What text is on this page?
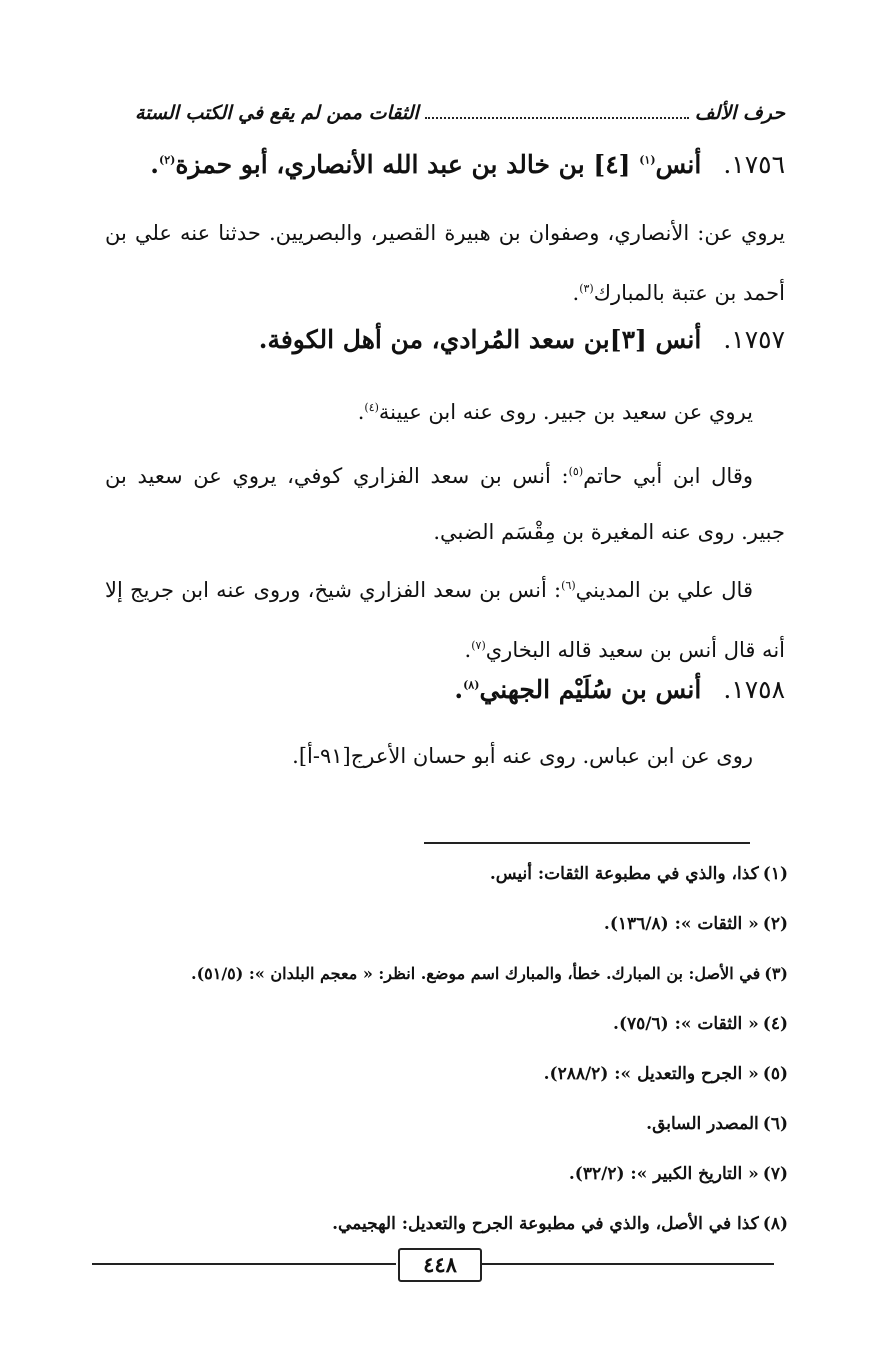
حرف الألف
الثقات ممن لم يقع في الكتب الستة
١٧٥٦.أنس$^{(١)}$ [٤] بن خالد بن عبد الله الأنصاري، أبو حمزة$^{(٢)}$.

يروي عن: الأنصاري، وصفوان بن هبيرة القصير، والبصريين. حدثنا عنه علي بن أحمد بن عتبة بالمبارك$^{(٣)}$.

١٧٥٧.أنس [٣]بن سعد المُرادي، من أهل الكوفة.

يروي عن سعيد بن جبير. روى عنه ابن عيينة$^{(٤)}$.

وقال ابن أبي حاتم$^{(٥)}$: أنس بن سعد الفزاري كوفي، يروي عن سعيد بن جبير. روى عنه المغيرة بن مِقْسَم الضبي.

قال علي بن المديني$^{(٦)}$: أنس بن سعد الفزاري شيخ، وروى عنه ابن جريج إلا أنه قال أنس بن سعيد قاله البخاري$^{(٧)}$.

١٧٥٨.أنس بن سُلَيْم الجهني$^{(٨)}$.

روى عن ابن عباس. روى عنه أبو حسان الأعرج[٩١-أ].

(١)كذا، والذي في مطبوعة الثقات: أنيس.
(٢)« الثقات »: (١٣٦/٨).
(٣)في الأصل: بن المبارك. خطأ، والمبارك اسم موضع. انظر: « معجم البلدان »: (٥١/٥).
(٤)« الثقات »: (٧٥/٦).
(٥)« الجرح والتعديل »: (٢٨٨/٢).
(٦)المصدر السابق.
(٧)« التاريخ الكبير »: (٣٢/٢).
(٨)كذا في الأصل، والذي في مطبوعة الجرح والتعديل: الهجيمي.
٤٤٨
